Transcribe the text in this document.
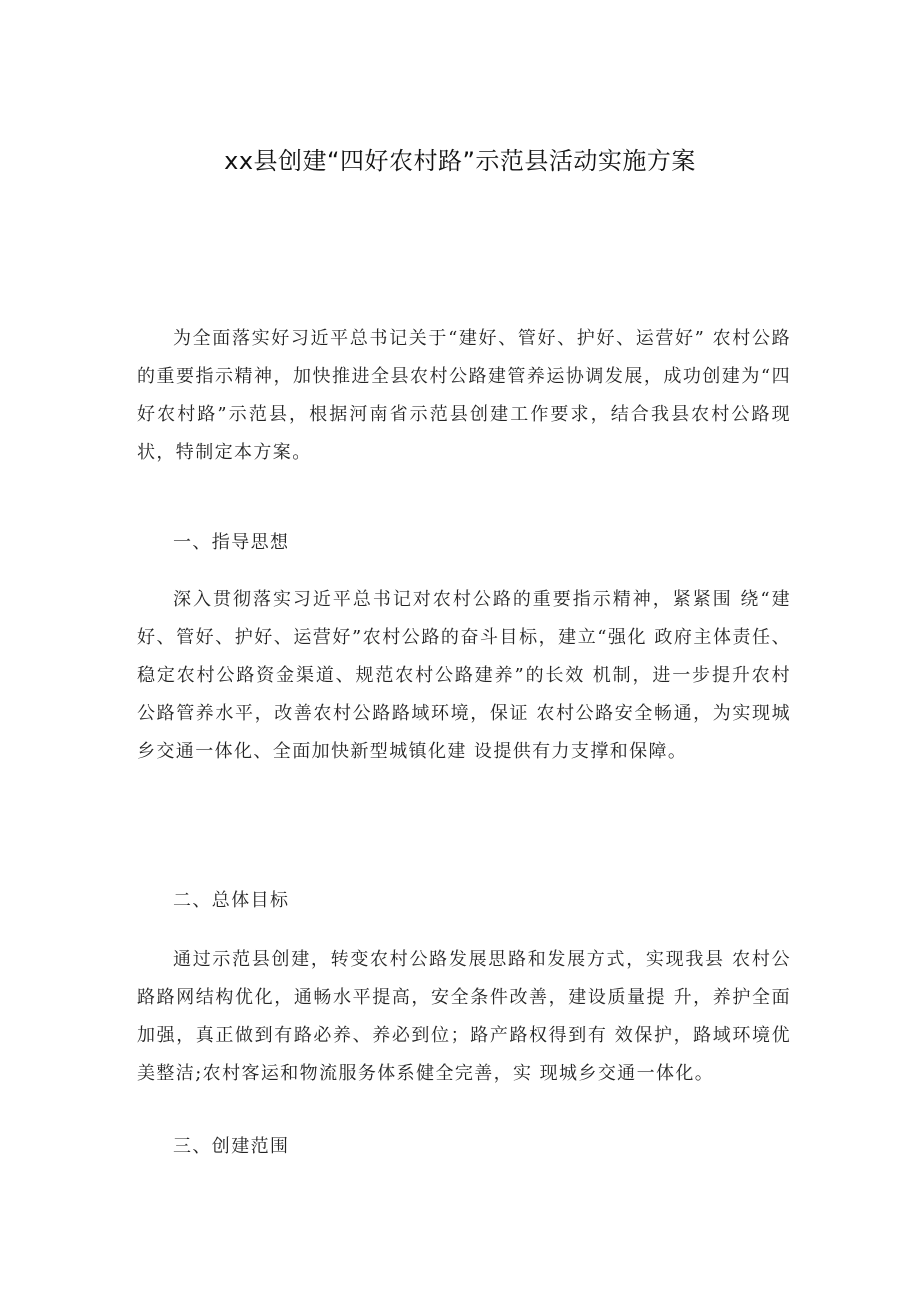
xx县创建“四好农村路”示范县活动实施方案

为全面落实好习近平总书记关于“建好、管好、护好、运营好” 农村公路的重要指示精神，加快推进全县农村公路建管养运协调发展，成功创建为“四好农村路”示范县，根据河南省示范县创建工作要求，结合我县农村公路现状，特制定本方案。

一、指导思想

深入贯彻落实习近平总书记对农村公路的重要指示精神，紧紧围 绕“建好、管好、护好、运营好”农村公路的奋斗目标，建立“强化 政府主体责任、稳定农村公路资金渠道、规范农村公路建养”的长效 机制，进一步提升农村公路管养水平，改善农村公路路域环境，保证 农村公路安全畅通，为实现城乡交通一体化、全面加快新型城镇化建 设提供有力支撑和保障。

二、总体目标

通过示范县创建，转变农村公路发展思路和发展方式，实现我县 农村公路路网结构优化，通畅水平提高，安全条件改善，建设质量提 升，养护全面加强，真正做到有路必养、养必到位；路产路权得到有 效保护，路域环境优美整洁;农村客运和物流服务体系健全完善，实 现城乡交通一体化。

三、创建范围
